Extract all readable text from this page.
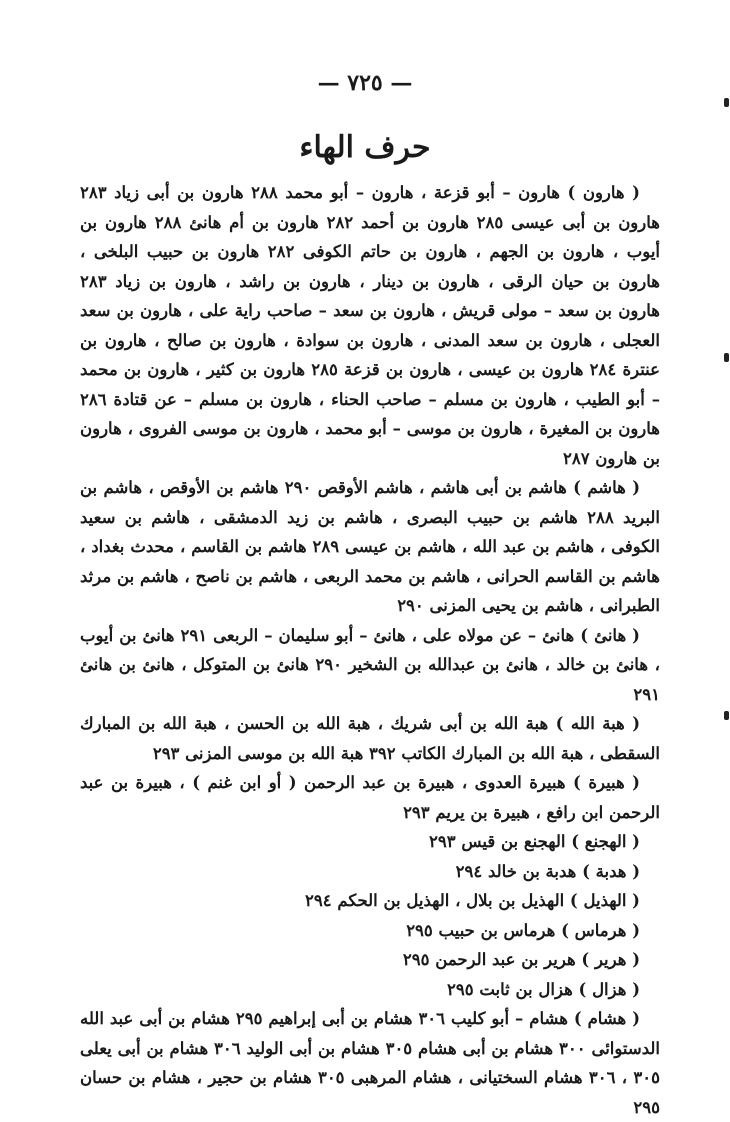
— ٧٢٥ —
حرف الهاء

( هارون ) هارون – أبو قزعة ، هارون – أبو محمد ٢٨٨ هارون بن أبى زياد ٢٨٣ هارون بن أبى عيسى ٢٨٥ هارون بن أحمد ٢٨٢ هارون بن أم هانئ ٢٨٨ هارون بن أيوب ، هارون بن الجهم ، هارون بن حاتم الكوفى ٢٨٢ هارون بن حبيب البلخى ، هارون بن حيان الرقى ، هارون بن دينار ، هارون بن راشد ، هارون بن زياد ٢٨٣ هارون بن سعد – مولى قريش ، هارون بن سعد – صاحب راية على ، هارون بن سعد العجلى ، هارون بن سعد المدنى ، هارون بن سوادة ، هارون بن صالح ، هارون بن عنترة ٢٨٤ هارون بن عيسى ، هارون بن قزعة ٢٨٥ هارون بن كثير ، هارون بن محمد – أبو الطيب ، هارون بن مسلم – صاحب الحناء ، هارون بن مسلم – عن قتادة ٢٨٦ هارون بن المغيرة ، هارون بن موسى – أبو محمد ، هارون بن موسى الفروى ، هارون بن هارون ٢٨٧

( هاشم ) هاشم بن أبى هاشم ، هاشم الأوقص ٢٩٠ هاشم بن الأوقص ، هاشم بن البريد ٢٨٨ هاشم بن حبيب البصرى ، هاشم بن زيد الدمشقى ، هاشم بن سعيد الكوفى ، هاشم بن عبد الله ، هاشم بن عيسى ٢٨٩ هاشم بن القاسم ، محدث بغداد ، هاشم بن القاسم الحرانى ، هاشم بن محمد الربعى ، هاشم بن ناصح ، هاشم بن مرثد الطبرانى ، هاشم بن يحيى المزنى ٢٩٠

( هانئ ) هانئ – عن مولاه على ، هانئ – أبو سليمان – الربعى ٢٩١ هانئ بن أيوب ، هانئ بن خالد ، هانئ بن عبدالله بن الشخير ٢٩٠ هانئ بن المتوكل ، هانئ بن هانئ ٢٩١

( هبة الله ) هبة الله بن أبى شريك ، هبة الله بن الحسن ، هبة الله بن المبارك السقطى ، هبة الله بن المبارك الكاتب ٣٩٢ هبة الله بن موسى المزنى ٢٩٣

( هبيرة ) هبيرة العدوى ، هبيرة بن عبد الرحمن ( أو ابن غنم ) ، هبيرة بن عبد الرحمن ابن رافع ، هبيرة بن يريم ٢٩٣

( الهجنع ) الهجنع بن قيس ٢٩٣

( هدبة ) هدبة بن خالد ٢٩٤

( الهذيل ) الهذيل بن بلال ، الهذيل بن الحكم ٢٩٤

( هرماس ) هرماس بن حبيب ٢٩٥

( هرير ) هرير بن عبد الرحمن ٢٩٥

( هزال ) هزال بن ثابت ٢٩٥

( هشام ) هشام – أبو كليب ٣٠٦ هشام بن أبى إبراهيم ٢٩٥ هشام بن أبى عبد الله الدستوائى ٣٠٠ هشام بن أبى هشام ٣٠٥ هشام بن أبى الوليد ٣٠٦ هشام بن أبى يعلى ٣٠٥ ، ٣٠٦ هشام السختيانى ، هشام المرهبى ٣٠٥ هشام بن حجير ، هشام بن حسان ٢٩٥
